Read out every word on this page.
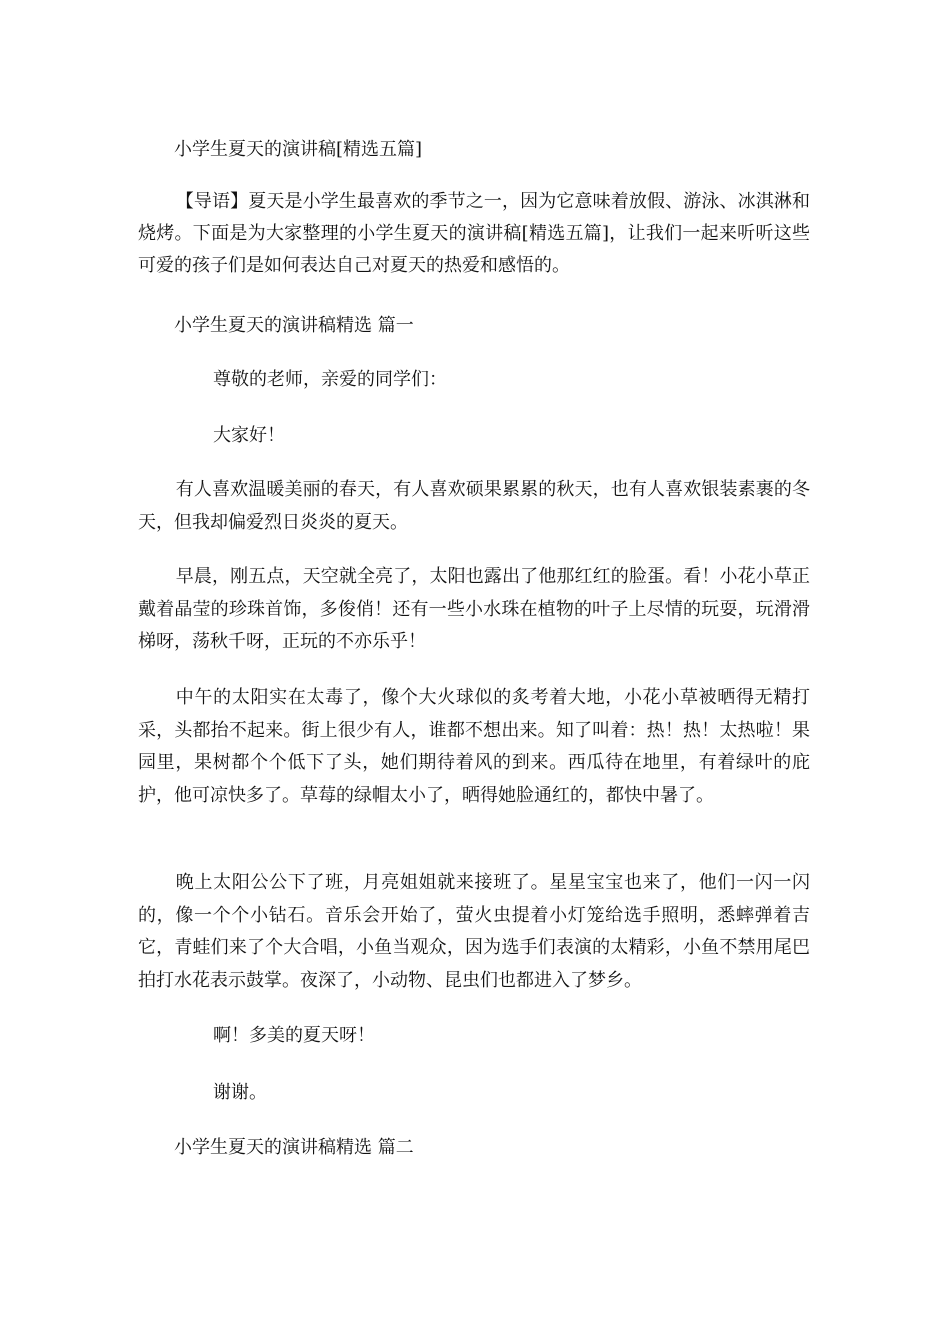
小学生夏天的演讲稿[精选五篇]

【导语】夏天是小学生最喜欢的季节之一，因为它意味着放假、游泳、冰淇淋和烧烤。下面是为大家整理的小学生夏天的演讲稿[精选五篇]，让我们一起来听听这些可爱的孩子们是如何表达自己对夏天的热爱和感悟的。

小学生夏天的演讲稿精选 篇一

尊敬的老师，亲爱的同学们：

大家好！

有人喜欢温暖美丽的春天，有人喜欢硕果累累的秋天，也有人喜欢银装素裹的冬天，但我却偏爱烈日炎炎的夏天。

早晨，刚五点，天空就全亮了，太阳也露出了他那红红的脸蛋。看！小花小草正戴着晶莹的珍珠首饰，多俊俏！还有一些小水珠在植物的叶子上尽情的玩耍，玩滑滑梯呀，荡秋千呀，正玩的不亦乐乎！

中午的太阳实在太毒了，像个大火球似的炙考着大地，小花小草被晒得无精打采，头都抬不起来。街上很少有人，谁都不想出来。知了叫着：热！热！太热啦！果园里，果树都个个低下了头，她们期待着风的到来。西瓜待在地里，有着绿叶的庇护，他可凉快多了。草莓的绿帽太小了，晒得她脸通红的，都快中暑了。

晚上太阳公公下了班，月亮姐姐就来接班了。星星宝宝也来了，他们一闪一闪的，像一个个小钻石。音乐会开始了，萤火虫提着小灯笼给选手照明，悉蟀弹着吉它，青蛙们来了个大合唱，小鱼当观众，因为选手们表演的太精彩，小鱼不禁用尾巴拍打水花表示鼓掌。夜深了，小动物、昆虫们也都进入了梦乡。

啊！多美的夏天呀！

谢谢。

小学生夏天的演讲稿精选 篇二
